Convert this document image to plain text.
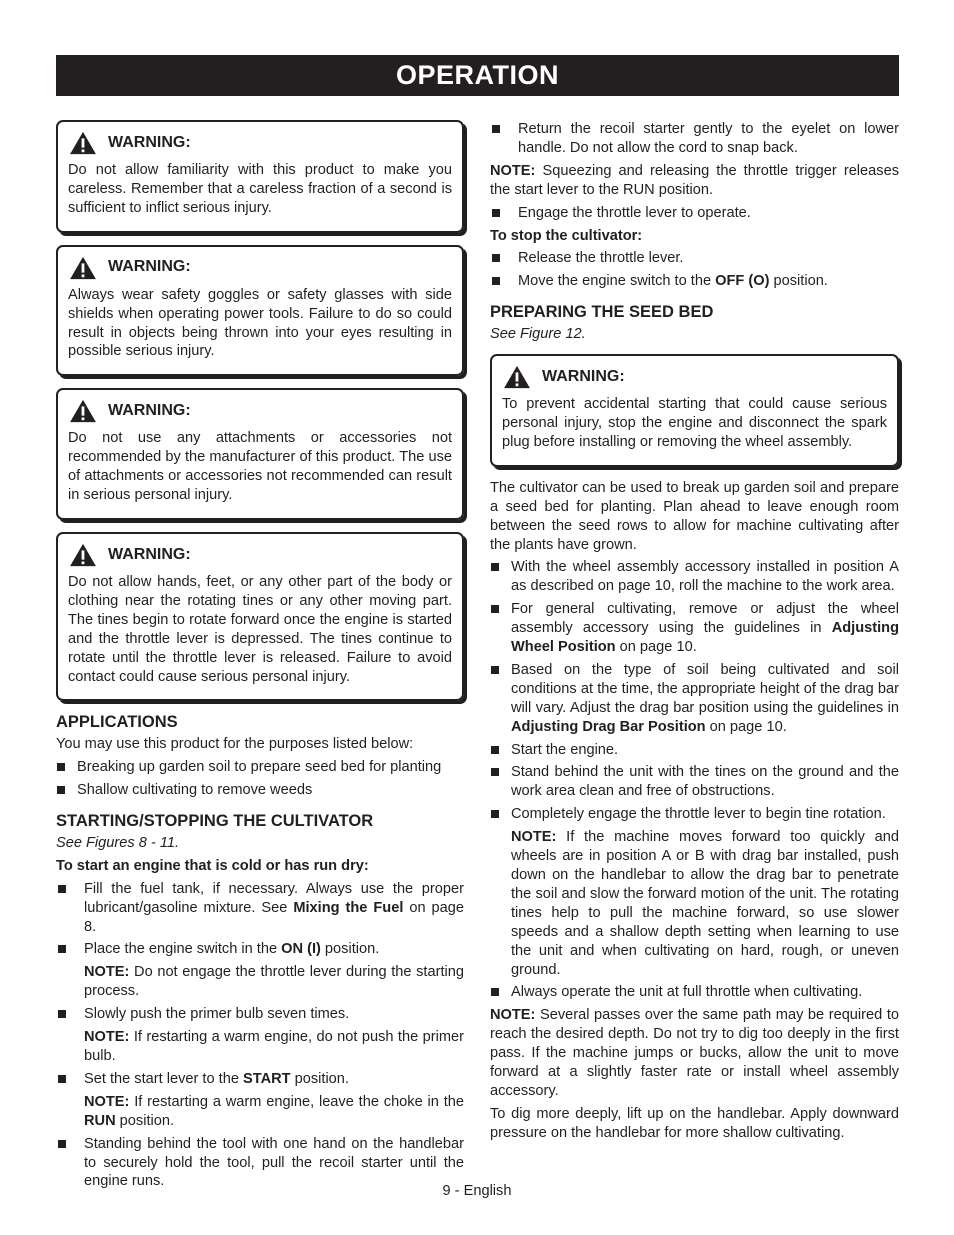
OPERATION
WARNING:

Do not allow familiarity with this product to make you careless. Remember that a careless fraction of a second is sufficient to inflict serious injury.

WARNING:

Always wear safety goggles or safety glasses with side shields when operating power tools. Failure to do so could result in objects being thrown into your eyes resulting in possible serious injury.

WARNING:

Do not use any attachments or accessories not recommended by the manufacturer of this product. The use of attachments or accessories not recommended can result in serious personal injury.

WARNING:

Do not allow hands, feet, or any other part of the body or clothing near the rotating tines or any other moving part. The tines begin to rotate forward once the engine is started and the throttle lever is depressed. The tines continue to rotate until the throttle lever is released. Failure to avoid contact could cause serious personal injury.

APPLICATIONS

You may use this product for the purposes listed below:

Breaking up garden soil to prepare seed bed for planting
Shallow cultivating to remove weeds
STARTING/STOPPING THE CULTIVATOR
See Figures 8 - 11.

To start an engine that is cold or has run dry:

Fill the fuel tank, if necessary. Always use the proper lubricant/gasoline mixture. See Mixing the Fuel on page 8.
Place the engine switch in the ON (I) position.

NOTE: Do not engage the throttle lever during the starting process.

Slowly push the primer bulb seven times.

NOTE: If restarting a warm engine, do not push the primer bulb.

Set the start lever to the START position.

NOTE: If restarting a warm engine, leave the choke in the RUN position.

Standing behind the tool with one hand on the handlebar to securely hold the tool, pull the recoil starter until the engine runs.
Return the recoil starter gently to the eyelet on lower handle. Do not allow the cord to snap back.

NOTE: Squeezing and releasing the throttle trigger releases the start lever to the RUN position.

Engage the throttle lever to operate.

To stop the cultivator:

Release the throttle lever.
Move the engine switch to the OFF (O) position.
PREPARING THE SEED BED
See Figure 12.
WARNING:

To prevent accidental starting that could cause serious personal injury, stop the engine and disconnect the spark plug before installing or removing the wheel assembly.

The cultivator can be used to break up garden soil and prepare a seed bed for planting. Plan ahead to leave enough room between the seed rows to allow for machine cultivating after the plants have grown.

With the wheel assembly accessory installed in position A as described on page 10, roll the machine to the work area.
For general cultivating, remove or adjust the wheel assembly accessory using the guidelines in Adjusting Wheel Position on page 10.
Based on the type of soil being cultivated and soil conditions at the time, the appropriate height of the drag bar will vary. Adjust the drag bar position using the guidelines in Adjusting Drag Bar Position on page 10.
Start the engine.
Stand behind the unit with the tines on the ground and the work area clean and free of obstructions.
Completely engage the throttle lever to begin tine rotation.

NOTE: If the machine moves forward too quickly and wheels are in position A or B with drag bar installed, push down on the handlebar to allow the drag bar to penetrate the soil and slow the forward motion of the unit. The rotating tines help to pull the machine forward, so use slower speeds and a shallow depth setting when learning to use the unit and when cultivating on hard, rough, or uneven ground.

Always operate the unit at full throttle when cultivating.

NOTE: Several passes over the same path may be required to reach the desired depth. Do not try to dig too deeply in the first pass. If the machine jumps or bucks, allow the unit to move forward at a slightly faster rate or install wheel assembly accessory.

To dig more deeply, lift up on the handlebar. Apply downward pressure on the handlebar for more shallow cultivating.

9 - English
